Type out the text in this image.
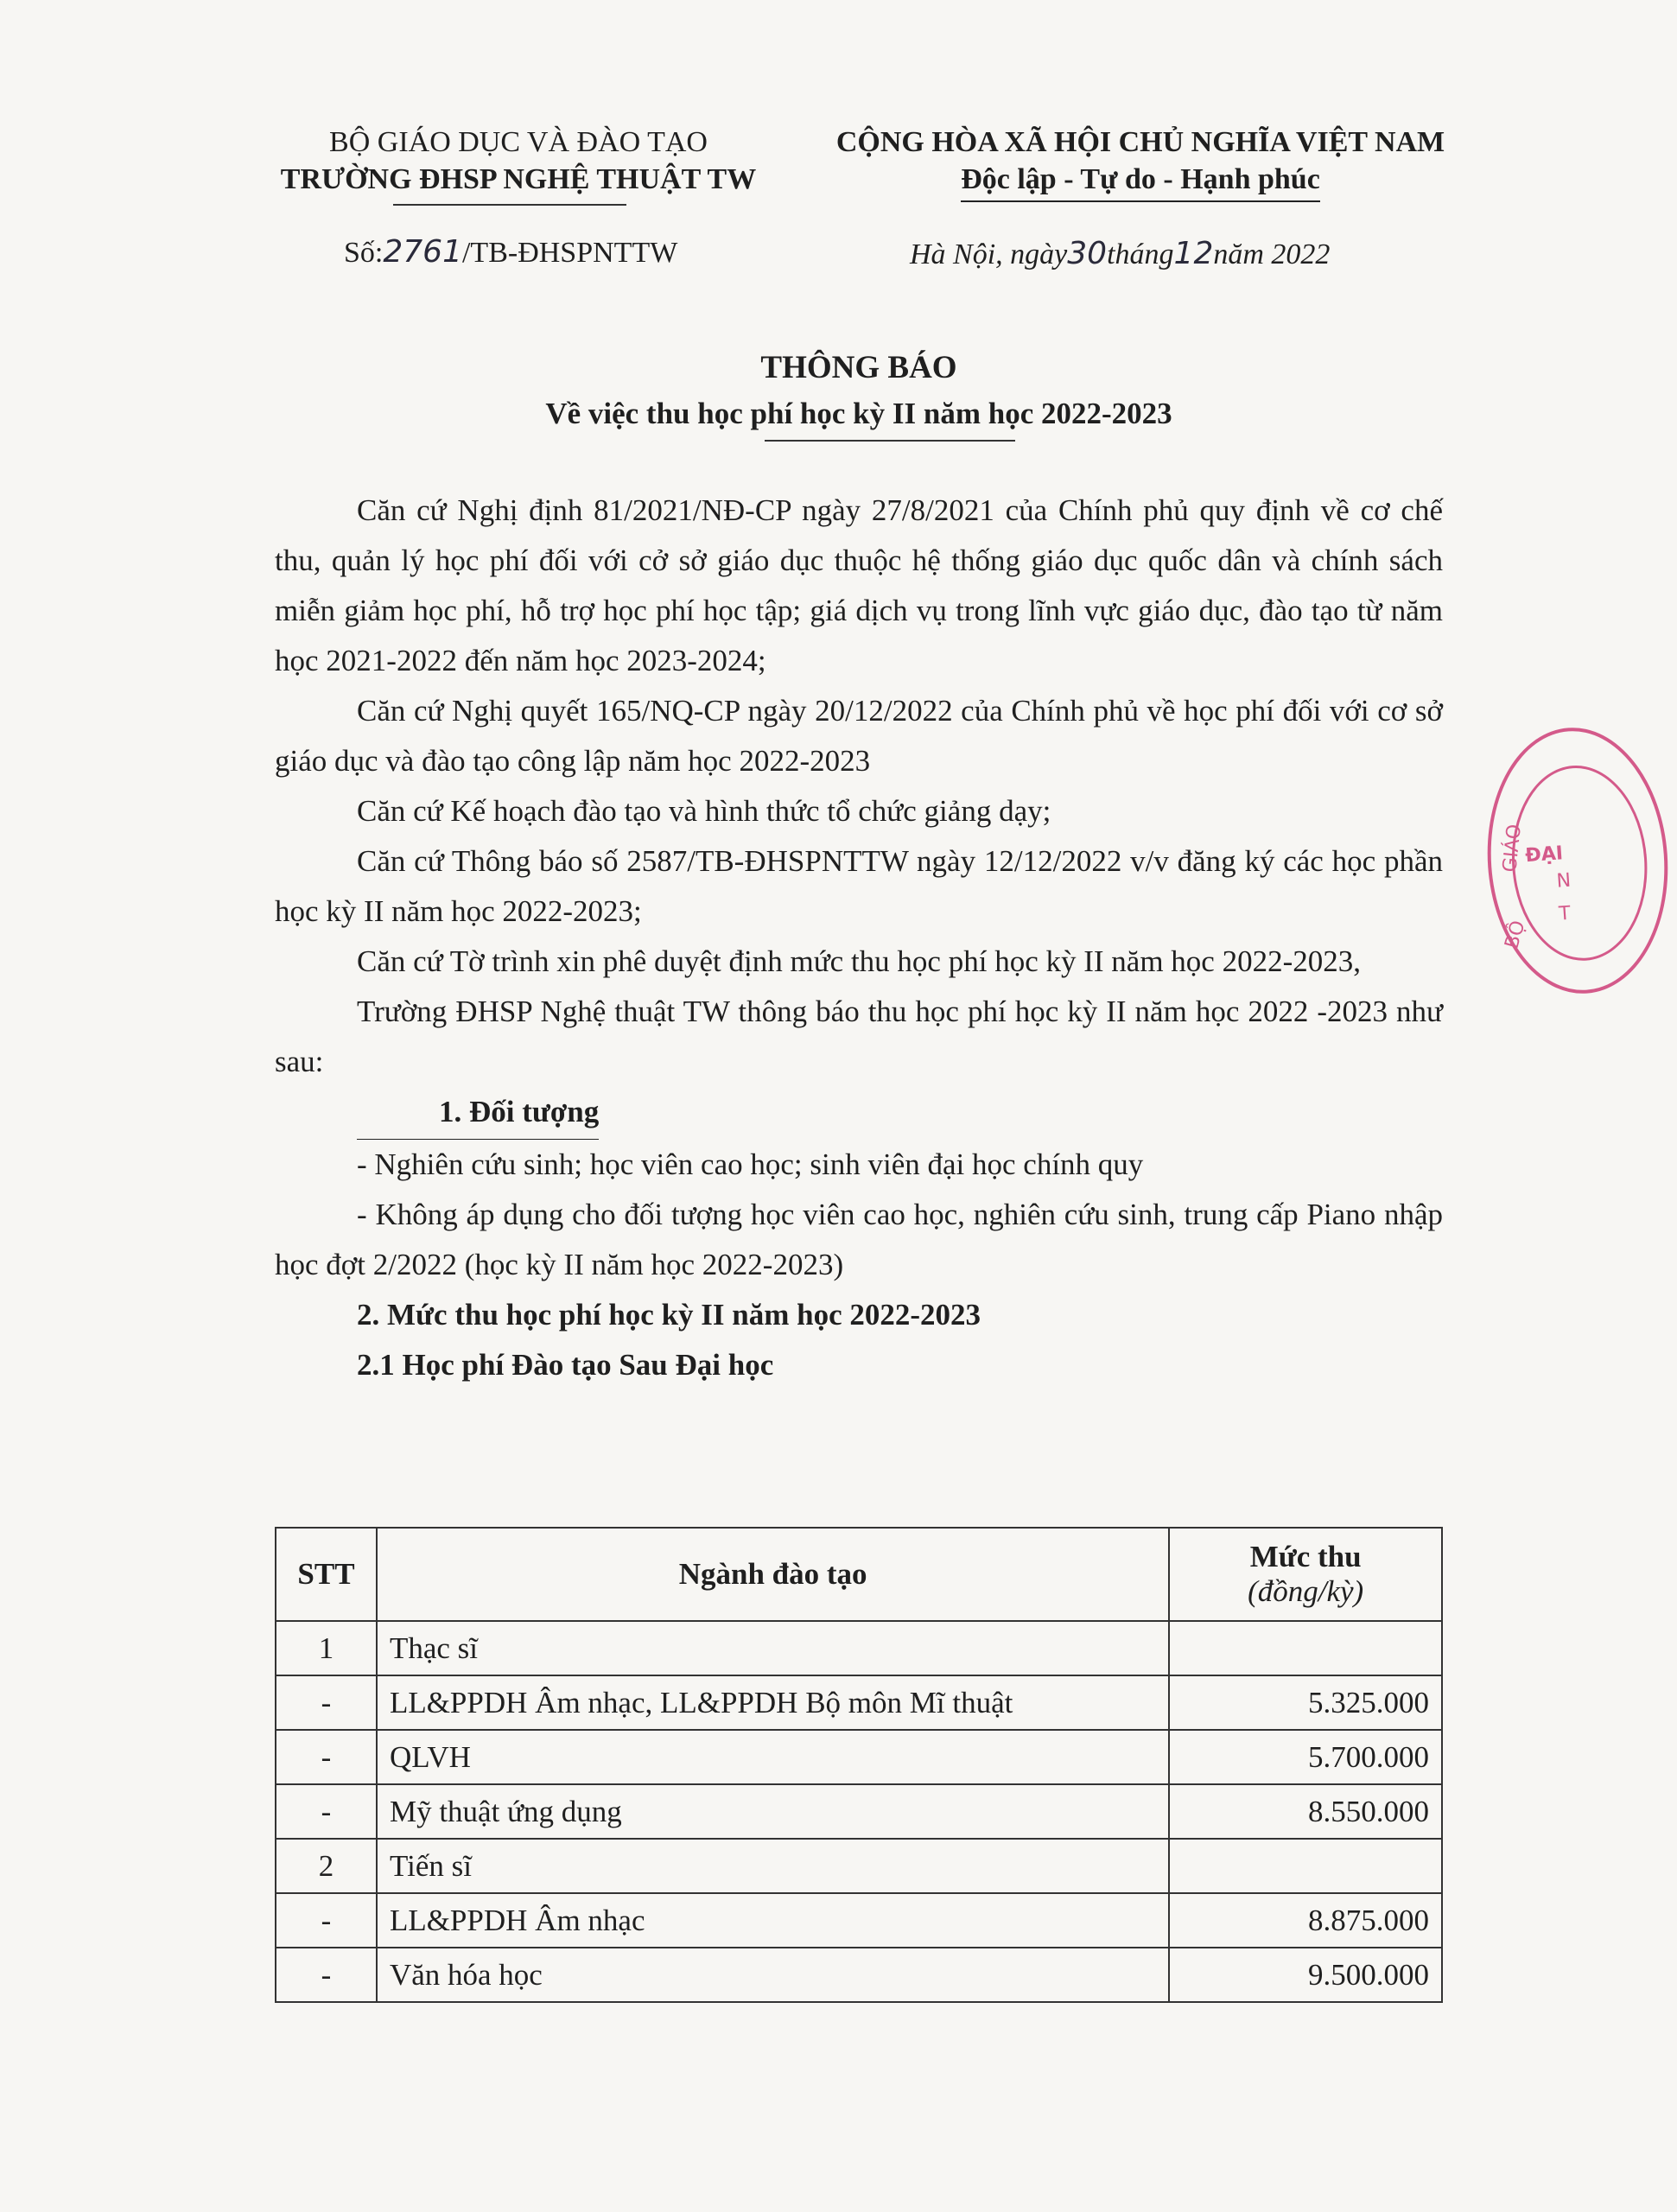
BỘ GIÁO DỤC VÀ ĐÀO TẠO
TRƯỜNG ĐHSP NGHỆ THUẬT TW
CỘNG HÒA XÃ HỘI CHỦ NGHĨA VIỆT NAM
Độc lập - Tự do - Hạnh phúc
Số:2761/TB-ĐHSPNTTW	Hà Nội, ngày30tháng12năm 2022
THÔNG BÁO
Về việc thu học phí học kỳ II năm học 2022-2023

Căn cứ Nghị định 81/2021/NĐ-CP ngày 27/8/2021 của Chính phủ quy định về cơ chế thu, quản lý học phí đối với cở sở giáo dục thuộc hệ thống giáo dục quốc dân và chính sách miễn giảm học phí, hỗ trợ học phí học tập; giá dịch vụ trong lĩnh vực giáo dục, đào tạo từ năm học 2021-2022 đến năm học 2023-2024;

Căn cứ Nghị quyết 165/NQ-CP ngày 20/12/2022 của Chính phủ về học phí đối với cơ sở giáo dục và đào tạo công lập năm học 2022-2023

Căn cứ Kế hoạch đào tạo và hình thức tổ chức giảng dạy;

Căn cứ Thông báo số 2587/TB-ĐHSPNTTW ngày 12/12/2022 v/v đăng ký các học phần học kỳ II năm học 2022-2023;

Căn cứ Tờ trình xin phê duyệt định mức thu học phí học kỳ II năm học 2022-2023,

Trường ĐHSP Nghệ thuật TW thông báo thu học phí học kỳ II năm học 2022 -2023 như sau:

1. Đối tượng

- Nghiên cứu sinh; học viên cao học; sinh viên đại học chính quy

- Không áp dụng cho đối tượng học viên cao học, nghiên cứu sinh, trung cấp Piano nhập học đợt 2/2022 (học kỳ II năm học 2022-2023)

2. Mức thu học phí học kỳ II năm học 2022-2023

2.1 Học phí Đào tạo Sau Đại học

STT	Ngành đào tạo	Mức thu
(đồng/kỳ)

1	Thạc sĩ	
-	LL&PPDH Âm nhạc, LL&PPDH Bộ môn Mĩ thuật	5.325.000
-	QLVH	5.700.000
-	Mỹ thuật ứng dụng	8.550.000
2	Tiến sĩ	
-	LL&PPDH Âm nhạc	8.875.000
-	Văn hóa học	9.500.000
GIÁO
ĐẠI
BỘ
N
T
